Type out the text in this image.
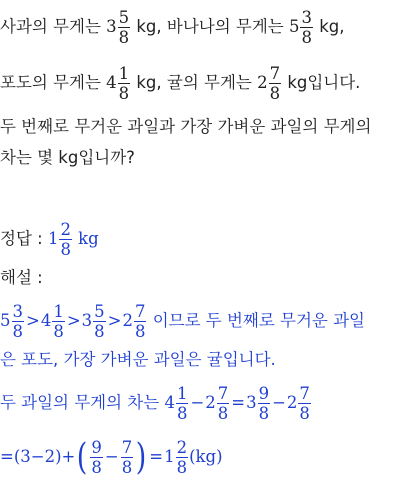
사과의 무게는 $3 \frac{5}{8}$ kg, 바나나의 무게는 $5 \frac{3}{8}$ kg,
포도의 무게는 $4 \frac{1}{8}$ kg, 귤의 무게는 $2 \frac{7}{8}$ kg입니다.
두 번째로 무거운 과일과 가장 가벼운 과일의 무게의
차는 몇 kg입니까?
정답 : $1 \frac{2}{8}$ kg
해설 :
$5 \frac{3}{8} >4 \frac{1}{8} >3 \frac{5}{8} >2 \frac{7}{8}$ 이므로 두 번째로 무거운 과일
은 포도, 가장 가벼운 과일은 귤입니다.
두 과일의 무게의 차는 $4 \frac{1}{8} -2 \frac{7}{8} =3 \frac{9}{8} -2 \frac{7}{8}$
$=(3-2)+( \frac{9}{8} - \frac{7}{8}$ ) $=1 \frac{2}{8} (kg)$
